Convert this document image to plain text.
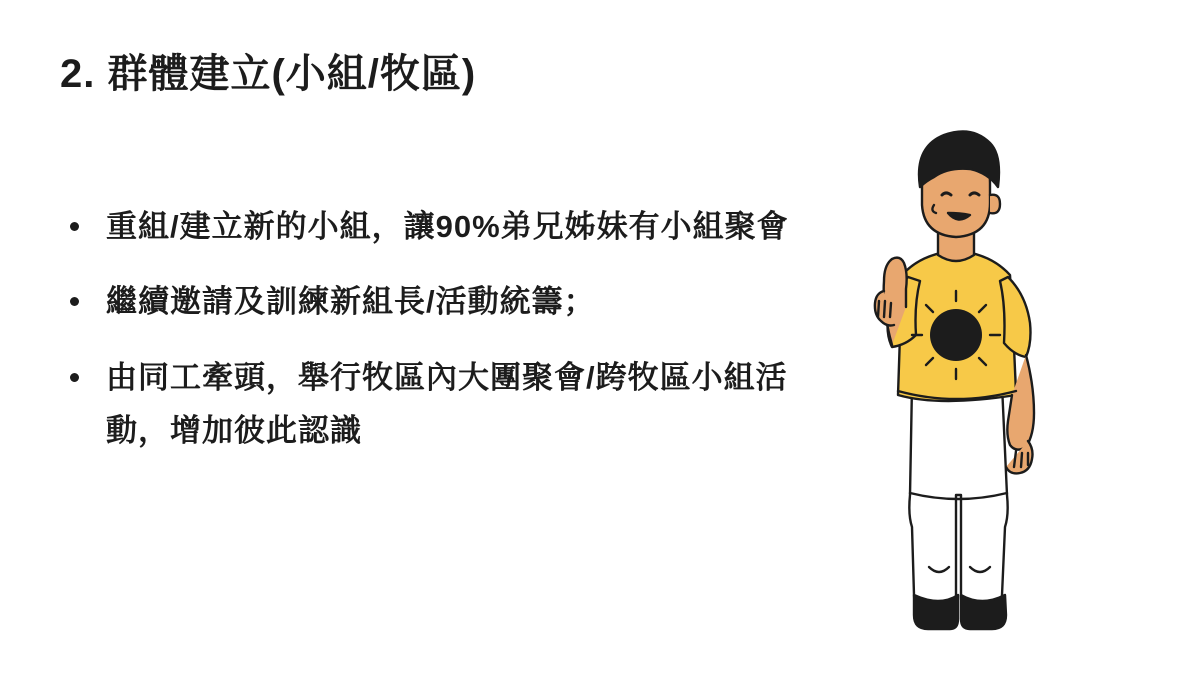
2. 群體建立(小組/牧區)
重組/建立新的小組，讓90%弟兄姊妹有小組聚會
繼續邀請及訓練新組長/活動統籌；
由同工牽頭，舉行牧區內大團聚會/跨牧區小組活動，增加彼此認識
